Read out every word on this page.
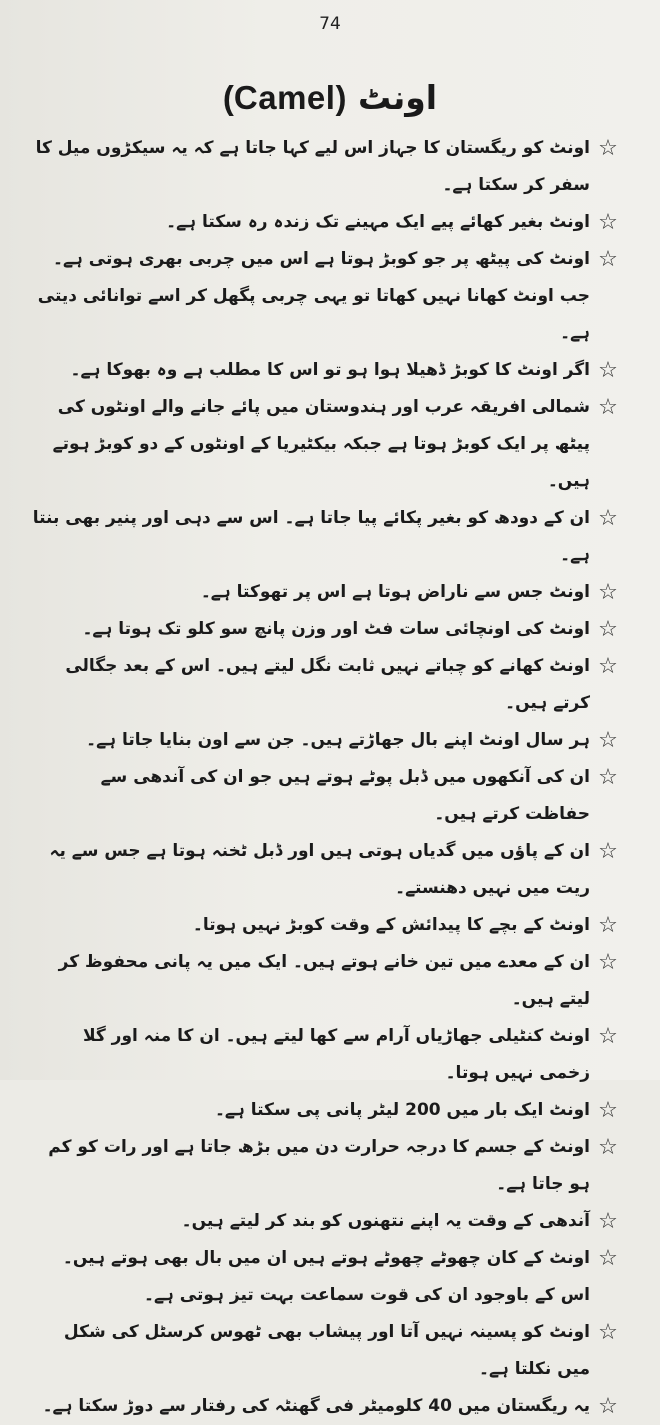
74
اونٹ (Camel)
☆
اونٹ کو ریگستان کا جہاز اس لیے کہا جاتا ہے کہ یہ سیکڑوں میل کا سفر کر سکتا ہے۔
☆
اونٹ بغیر کھائے پیے ایک مہینے تک زندہ رہ سکتا ہے۔
☆
اونٹ کی پیٹھ پر جو کوبڑ ہوتا ہے اس میں چربی بھری ہوتی ہے۔ جب اونٹ کھانا نہیں کھاتا تو یہی چربی پگھل کر اسے توانائی دیتی ہے۔
☆
اگر اونٹ کا کوبڑ ڈھیلا ہوا ہو تو اس کا مطلب ہے وہ بھوکا ہے۔
☆
شمالی افریقہ عرب اور ہندوستان میں پائے جانے والے اونٹوں کی پیٹھ پر ایک کوبڑ ہوتا ہے جبکہ بیکٹیریا کے اونٹوں کے دو کوبڑ ہوتے ہیں۔
☆
ان کے دودھ کو بغیر پکائے پیا جاتا ہے۔ اس سے دہی اور پنیر بھی بنتا ہے۔
☆
اونٹ جس سے ناراض ہوتا ہے اس پر تھوکتا ہے۔
☆
اونٹ کی اونچائی سات فٹ اور وزن پانچ سو کلو تک ہوتا ہے۔
☆
اونٹ کھانے کو چباتے نہیں ثابت نگل لیتے ہیں۔ اس کے بعد جگالی کرتے ہیں۔
☆
ہر سال اونٹ اپنے بال جھاڑتے ہیں۔ جن سے اون بنایا جاتا ہے۔
☆
ان کی آنکھوں میں ڈبل پوٹے ہوتے ہیں جو ان کی آندھی سے حفاظت کرتے ہیں۔
☆
ان کے پاؤں میں گدیاں ہوتی ہیں اور ڈبل ٹخنہ ہوتا ہے جس سے یہ ریت میں نہیں دھنستے۔
☆
اونٹ کے بچے کا پیدائش کے وقت کوبڑ نہیں ہوتا۔
☆
ان کے معدے میں تین خانے ہوتے ہیں۔ ایک میں یہ پانی محفوظ کر لیتے ہیں۔
☆
اونٹ کنٹیلی جھاڑیاں آرام سے کھا لیتے ہیں۔ ان کا منہ اور گلا زخمی نہیں ہوتا۔
☆
اونٹ ایک بار میں 200 لیٹر پانی پی سکتا ہے۔
☆
اونٹ کے جسم کا درجہ حرارت دن میں بڑھ جاتا ہے اور رات کو کم ہو جاتا ہے۔
☆
آندھی کے وقت یہ اپنے نتھنوں کو بند کر لیتے ہیں۔
☆
اونٹ کے کان چھوٹے چھوٹے ہوتے ہیں ان میں بال بھی ہوتے ہیں۔ اس کے باوجود ان کی قوت سماعت بہت تیز ہوتی ہے۔
☆
اونٹ کو پسینہ نہیں آتا اور پیشاب بھی ٹھوس کرسٹل کی شکل میں نکلتا ہے۔
☆
یہ ریگستان میں 40 کلومیٹر فی گھنٹہ کی رفتار سے دوڑ سکتا ہے۔
